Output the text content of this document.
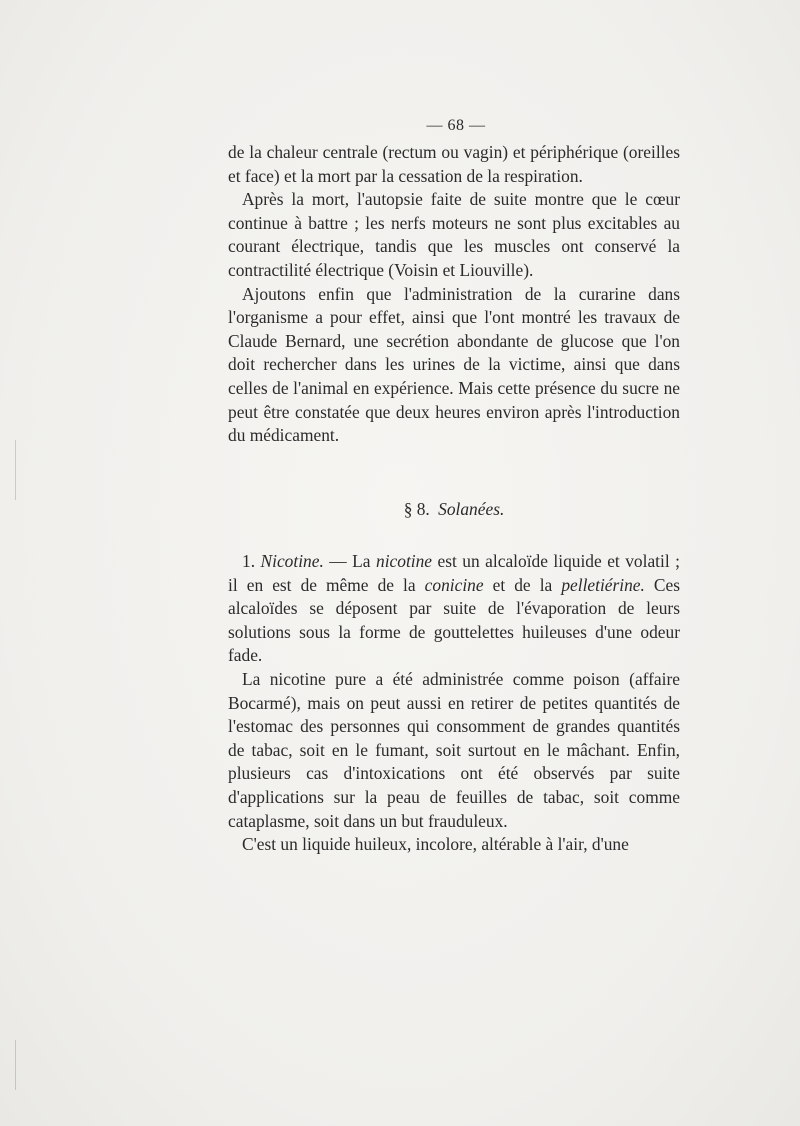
— 68 —

de la chaleur centrale (rectum ou vagin) et périphérique (oreilles et face) et la mort par la cessation de la respiration.

Après la mort, l'autopsie faite de suite montre que le cœur continue à battre ; les nerfs moteurs ne sont plus excitables au courant électrique, tandis que les muscles ont conservé la contractilité électrique (Voisin et Liouville).

Ajoutons enfin que l'administration de la curarine dans l'organisme a pour effet, ainsi que l'ont montré les travaux de Claude Bernard, une secrétion abondante de glucose que l'on doit rechercher dans les urines de la victime, ainsi que dans celles de l'animal en expérience. Mais cette présence du sucre ne peut être constatée que deux heures environ après l'introduction du médicament.

§ 8. Solanées.

1. Nicotine. — La nicotine est un alcaloïde liquide et volatil ; il en est de même de la conicine et de la pelletiérine. Ces alcaloïdes se déposent par suite de l'évaporation de leurs solutions sous la forme de gouttelettes huileuses d'une odeur fade.

La nicotine pure a été administrée comme poison (affaire Bocarmé), mais on peut aussi en retirer de petites quantités de l'estomac des personnes qui consomment de grandes quantités de tabac, soit en le fumant, soit surtout en le mâchant. Enfin, plusieurs cas d'intoxications ont été observés par suite d'applications sur la peau de feuilles de tabac, soit comme cataplasme, soit dans un but frauduleux.

C'est un liquide huileux, incolore, altérable à l'air, d'une
